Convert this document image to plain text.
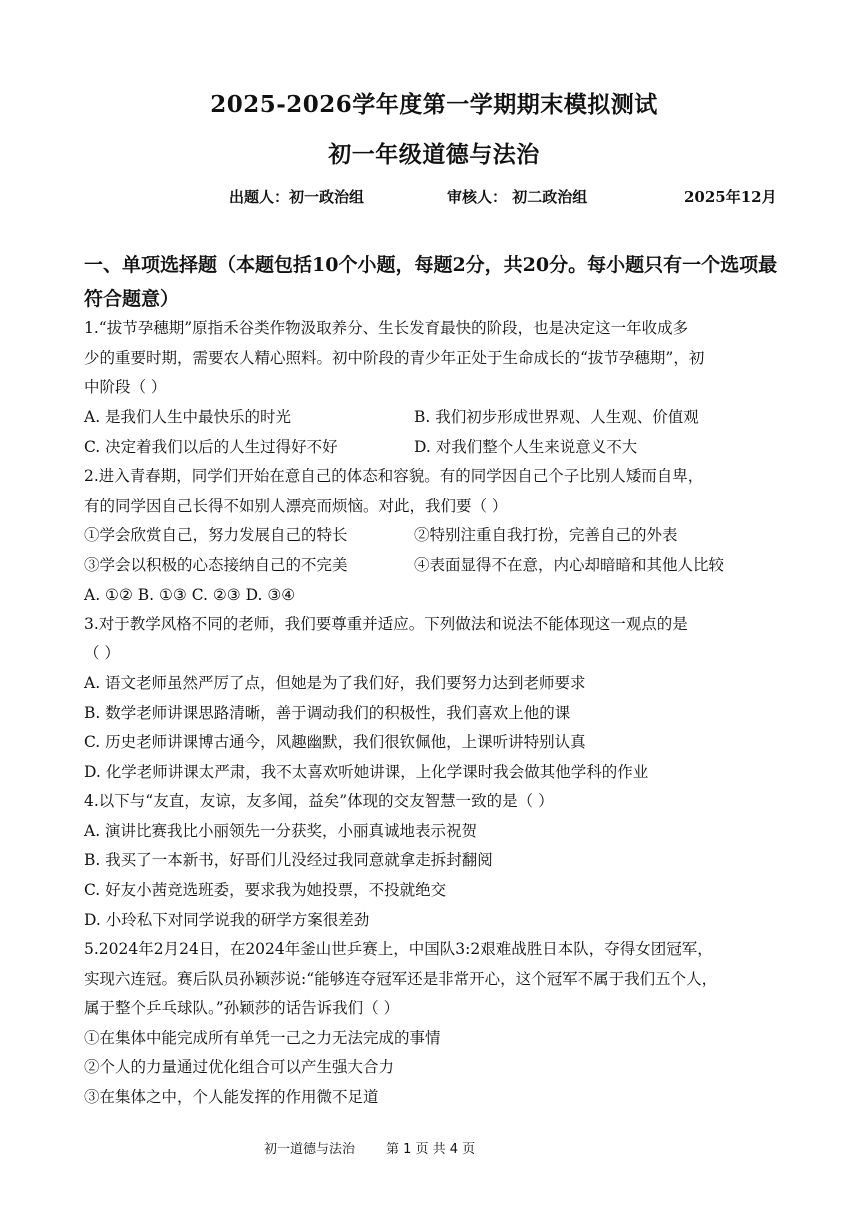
2025-2026学年度第一学期期末模拟测试
初一年级道德与法治
出题人：初一政治组	审核人： 初二政治组	2025年12月
一、单项选择题（本题包括10个小题，每题2分，共20分。每小题只有一个选项最符合题意）
1.“拔节孕穗期”原指禾谷类作物汲取养分、生长发育最快的阶段，也是决定这一年收成多
少的重要时期，需要农人精心照料。初中阶段的青少年正处于生命成长的“拔节孕穗期”，初
中阶段（ ）
A. 是我们人生中最快乐的时光	B. 我们初步形成世界观、人生观、价值观
C. 决定着我们以后的人生过得好不好	D. 对我们整个人生来说意义不大
2.进入青春期，同学们开始在意自己的体态和容貌。有的同学因自己个子比别人矮而自卑，
有的同学因自己长得不如别人漂亮而烦恼。对此，我们要（ ）
①学会欣赏自己，努力发展自己的特长	②特别注重自我打扮，完善自己的外表
③学会以积极的心态接纳自己的不完美	④表面显得不在意，内心却暗暗和其他人比较
A. ①② B. ①③ C. ②③ D. ③④
3.对于教学风格不同的老师，我们要尊重并适应。下列做法和说法不能体现这一观点的是
（ ）
A. 语文老师虽然严厉了点，但她是为了我们好，我们要努力达到老师要求
B. 数学老师讲课思路清晰，善于调动我们的积极性，我们喜欢上他的课
C. 历史老师讲课博古通今，风趣幽默，我们很钦佩他，上课听讲特别认真
D. 化学老师讲课太严肃，我不太喜欢听她讲课，上化学课时我会做其他学科的作业
4.以下与“友直，友谅，友多闻，益矣”体现的交友智慧一致的是（ ）
A. 演讲比赛我比小丽领先一分获奖，小丽真诚地表示祝贺
B. 我买了一本新书，好哥们儿没经过我同意就拿走拆封翻阅
C. 好友小茜竞选班委，要求我为她投票，不投就绝交
D. 小玲私下对同学说我的研学方案很差劲
5.2024年2月24日，在2024年釜山世乒赛上，中国队3:2艰难战胜日本队，夺得女团冠军，
实现六连冠。赛后队员孙颖莎说:“能够连夺冠军还是非常开心，这个冠军不属于我们五个人，
属于整个乒乓球队。”孙颖莎的话告诉我们（ ）
①在集体中能完成所有单凭一己之力无法完成的事情
②个人的力量通过优化组合可以产生强大合力
③在集体之中，个人能发挥的作用微不足道
初一道德与法治 第 1 页 共 4 页
